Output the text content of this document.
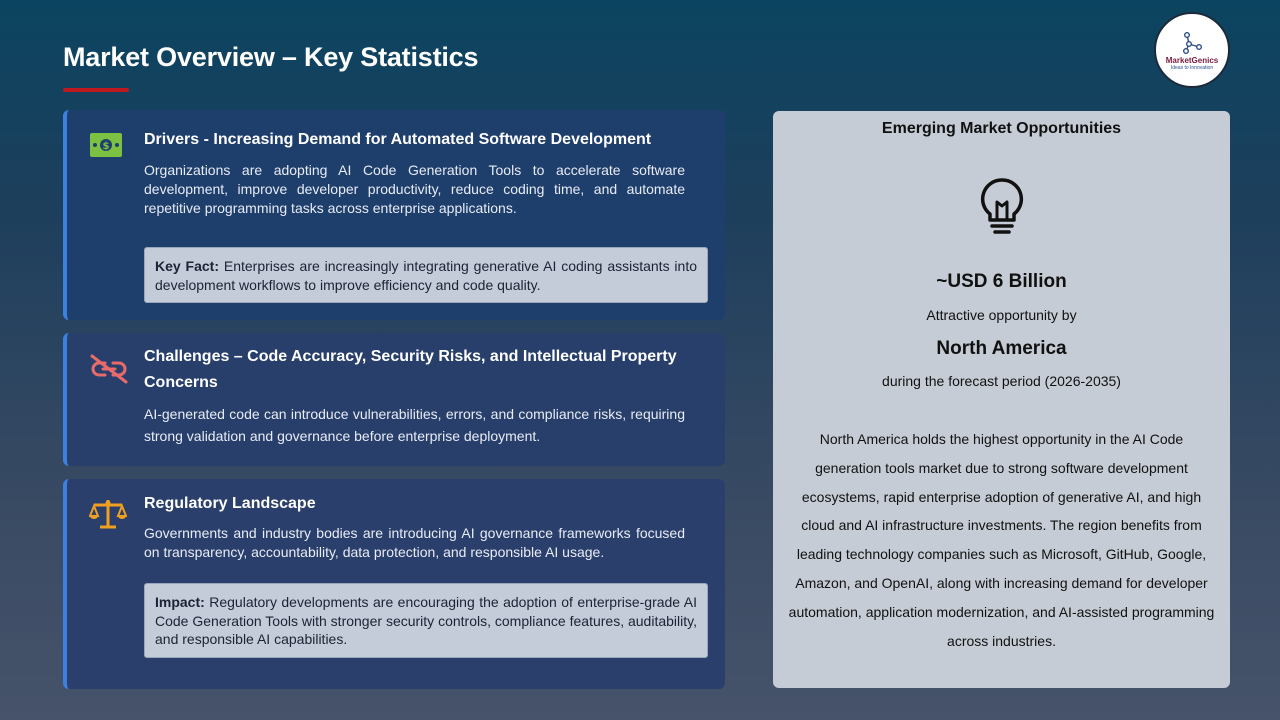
Market Overview – Key Statistics	MarketGenics
Ideas to Innovation
$ Drivers - Increasing Demand for Automated Software Development
Organizations are adopting AI Code Generation Tools to accelerate software development, improve developer productivity, reduce coding time, and automate repetitive programming tasks across enterprise applications.
Key Fact: Enterprises are increasingly integrating generative AI coding assistants into development workflows to improve efficiency and code quality.
Challenges – Code Accuracy, Security Risks, and Intellectual Property Concerns
AI-generated code can introduce vulnerabilities, errors, and compliance risks, requiring strong validation and governance before enterprise deployment.
Regulatory Landscape
Governments and industry bodies are introducing AI governance frameworks focused on transparency, accountability, data protection, and responsible AI usage.
Impact: Regulatory developments are encouraging the adoption of enterprise-grade AI Code Generation Tools with stronger security controls, compliance features, auditability, and responsible AI capabilities.
Emerging Market Opportunities
~USD 6 Billion
Attractive opportunity by
North America
during the forecast period (2026-2035)
North America holds the highest opportunity in the AI Code generation tools market due to strong software development ecosystems, rapid enterprise adoption of generative AI, and high cloud and AI infrastructure investments. The region benefits from leading technology companies such as Microsoft, GitHub, Google, Amazon, and OpenAI, along with increasing demand for developer automation, application modernization, and AI-assisted programming across industries.
